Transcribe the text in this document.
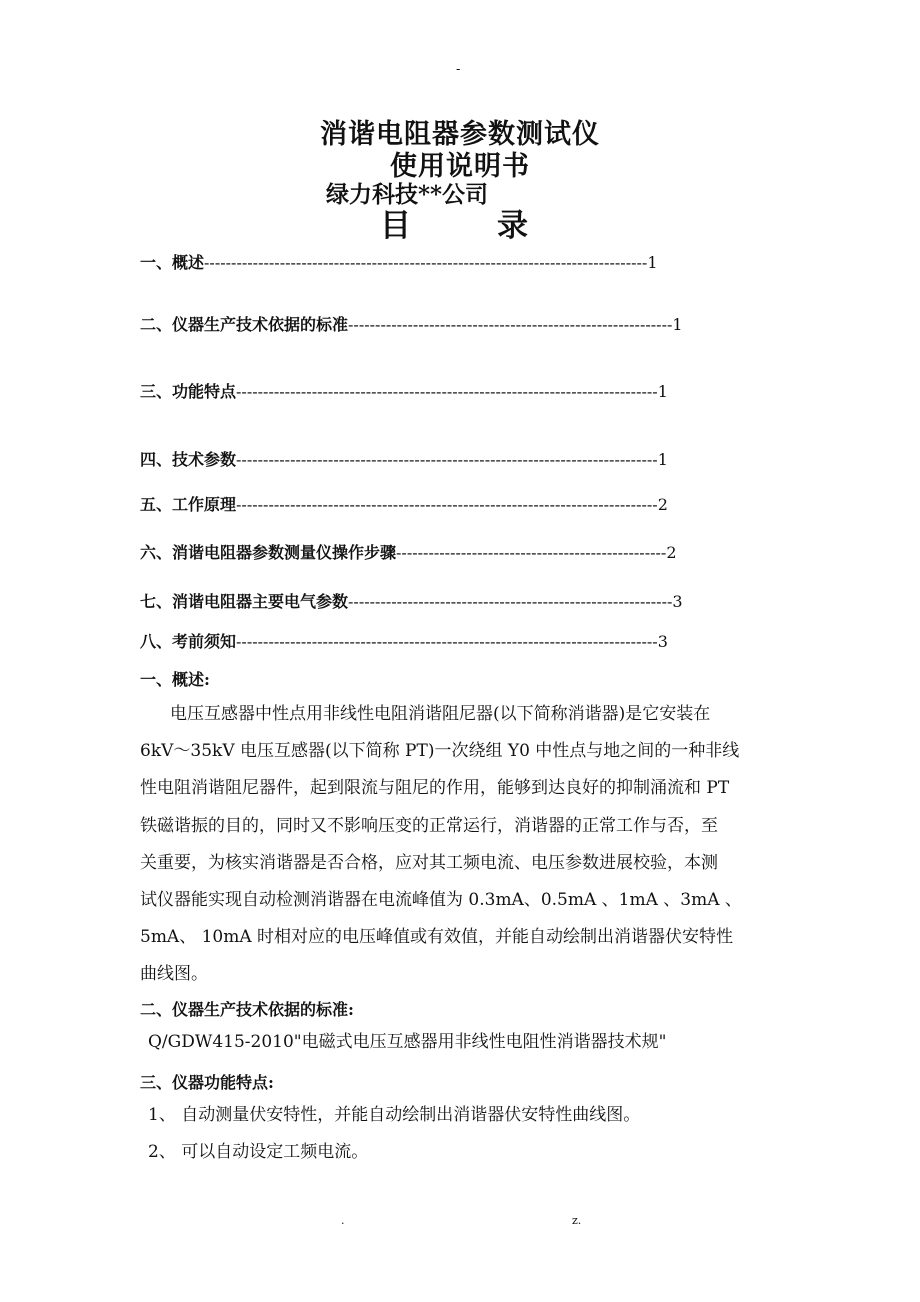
-
消谐电阻器参数测试仪
使用说明书
绿力科技**公司
目	录
一、概述----------------------------------------------------------------------------------1
二、仪器生产技术依据的标准------------------------------------------------------------1
三、功能特点------------------------------------------------------------------------------1
四、技术参数------------------------------------------------------------------------------1
五、工作原理------------------------------------------------------------------------------2
六、消谐电阻器参数测量仪操作步骤--------------------------------------------------2
七、消谐电阻器主要电气参数------------------------------------------------------------3
八、考前须知------------------------------------------------------------------------------3
一、概述:
电压互感器中性点用非线性电阻消谐阻尼器(以下简称消谐器)是它安装在
6kV～35kV 电压互感器(以下简称 PT)一次绕组 Y0 中性点与地之间的一种非线
性电阻消谐阻尼器件，起到限流与阻尼的作用，能够到达良好的抑制涌流和 PT
铁磁谐振的目的，同时又不影响压变的正常运行，消谐器的正常工作与否，至
关重要，为核实消谐器是否合格，应对其工频电流、电压参数进展校验，本测
试仪器能实现自动检测消谐器在电流峰值为 0.3mA、0.5mA 、1mA 、3mA 、
5mA、 10mA 时相对应的电压峰值或有效值，并能自动绘制出消谐器伏安特性
曲线图。
二、仪器生产技术依据的标准:
Q/GDW415-2010"电磁式电压互感器用非线性电阻性消谐器技术规"
三、仪器功能特点:
1、 自动测量伏安特性，并能自动绘制出消谐器伏安特性曲线图。
2、 可以自动设定工频电流。
.	z.
